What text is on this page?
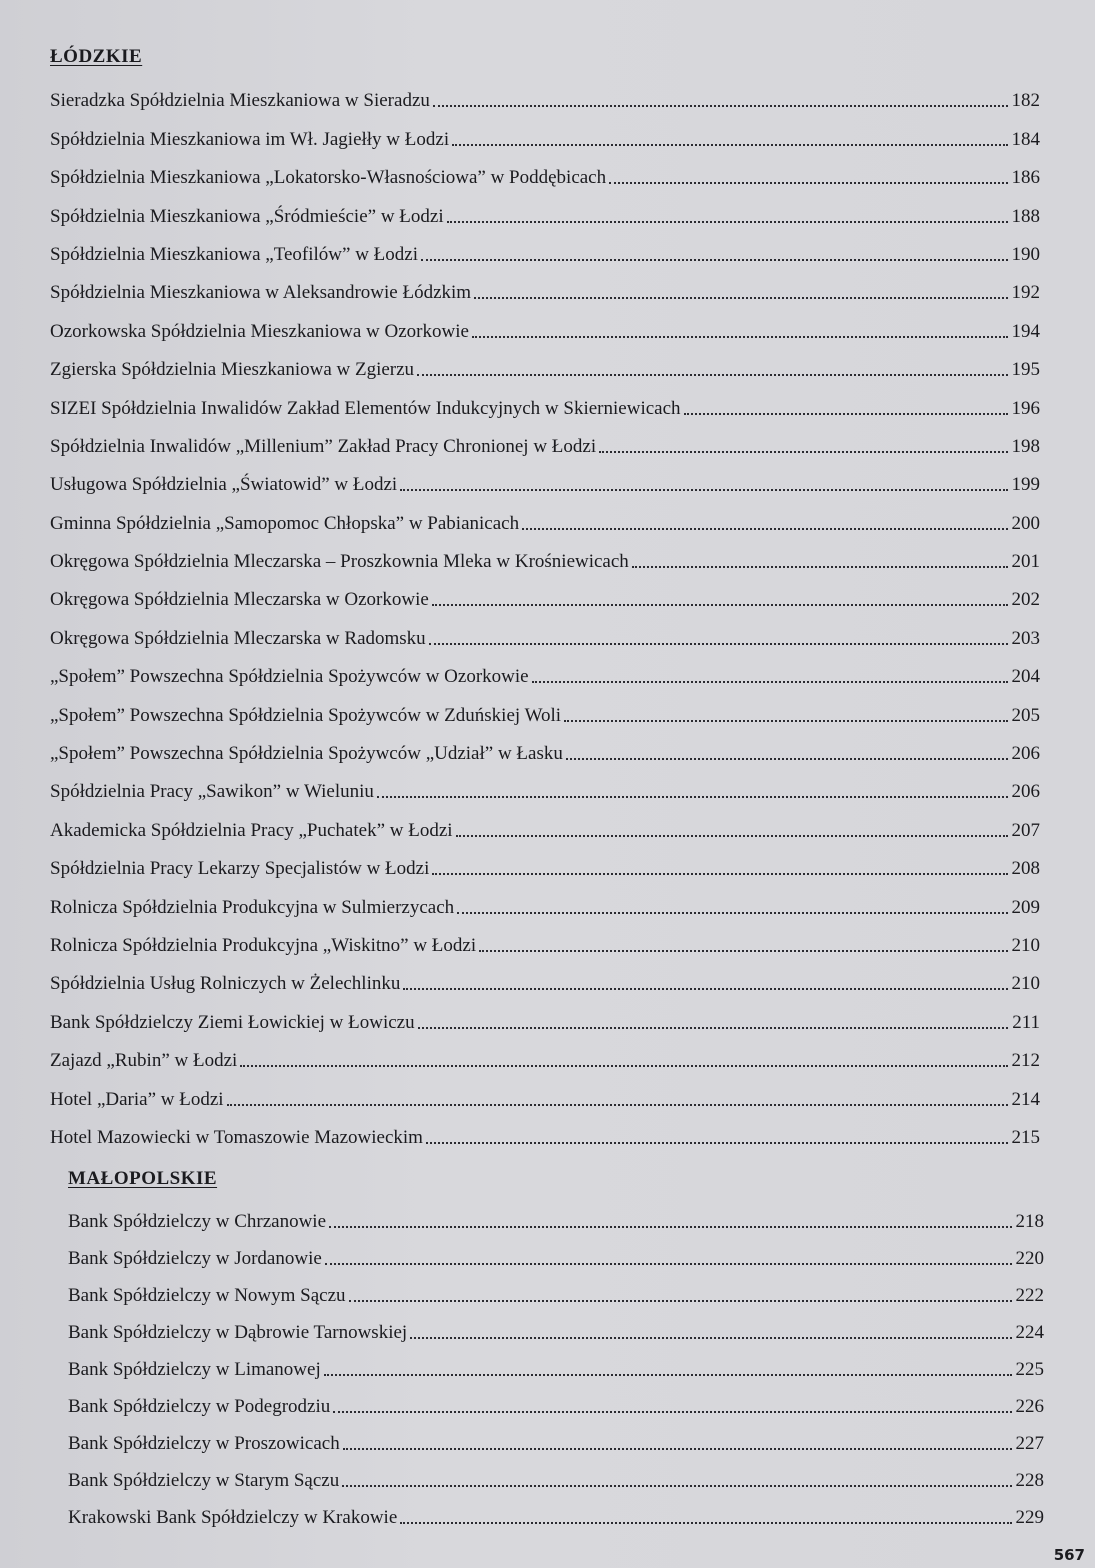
ŁÓDZKIE
Sieradzka Spółdzielnia Mieszkaniowa w Sieradzu	182
Spółdzielnia Mieszkaniowa im Wł. Jagiełły w Łodzi	184
Spółdzielnia Mieszkaniowa „Lokatorsko-Własnościowa” w Poddębicach	186
Spółdzielnia Mieszkaniowa „Śródmieście” w Łodzi	188
Spółdzielnia Mieszkaniowa „Teofilów” w Łodzi	190
Spółdzielnia Mieszkaniowa w Aleksandrowie Łódzkim	192
Ozorkowska Spółdzielnia Mieszkaniowa w Ozorkowie	194
Zgierska Spółdzielnia Mieszkaniowa w Zgierzu	195
SIZEI Spółdzielnia Inwalidów Zakład Elementów Indukcyjnych w Skierniewicach	196
Spółdzielnia Inwalidów „Millenium” Zakład Pracy Chronionej w Łodzi	198
Usługowa Spółdzielnia „Światowid” w Łodzi	199
Gminna Spółdzielnia „Samopomoc Chłopska” w Pabianicach	200
Okręgowa Spółdzielnia Mleczarska – Proszkownia Mleka w Krośniewicach	201
Okręgowa Spółdzielnia Mleczarska w Ozorkowie	202
Okręgowa Spółdzielnia Mleczarska w Radomsku	203
„Społem” Powszechna Spółdzielnia Spożywców w Ozorkowie	204
„Społem” Powszechna Spółdzielnia Spożywców w Zduńskiej Woli	205
„Społem” Powszechna Spółdzielnia Spożywców „Udział” w Łasku	206
Spółdzielnia Pracy „Sawikon” w Wieluniu	206
Akademicka Spółdzielnia Pracy „Puchatek” w Łodzi	207
Spółdzielnia Pracy Lekarzy Specjalistów w Łodzi	208
Rolnicza Spółdzielnia Produkcyjna w Sulmierzycach	209
Rolnicza Spółdzielnia Produkcyjna „Wiskitno” w Łodzi	210
Spółdzielnia Usług Rolniczych w Żelechlinku	210
Bank Spółdzielczy Ziemi Łowickiej w Łowiczu	211
Zajazd „Rubin” w Łodzi	212
Hotel „Daria” w Łodzi	214
Hotel Mazowiecki w Tomaszowie Mazowieckim	215
MAŁOPOLSKIE
Bank Spółdzielczy w Chrzanowie	218
Bank Spółdzielczy w Jordanowie	220
Bank Spółdzielczy w Nowym Sączu	222
Bank Spółdzielczy w Dąbrowie Tarnowskiej	224
Bank Spółdzielczy w Limanowej	225
Bank Spółdzielczy w Podegrodziu	226
Bank Spółdzielczy w Proszowicach	227
Bank Spółdzielczy w Starym Sączu	228
Krakowski Bank Spółdzielczy w Krakowie	229
567
